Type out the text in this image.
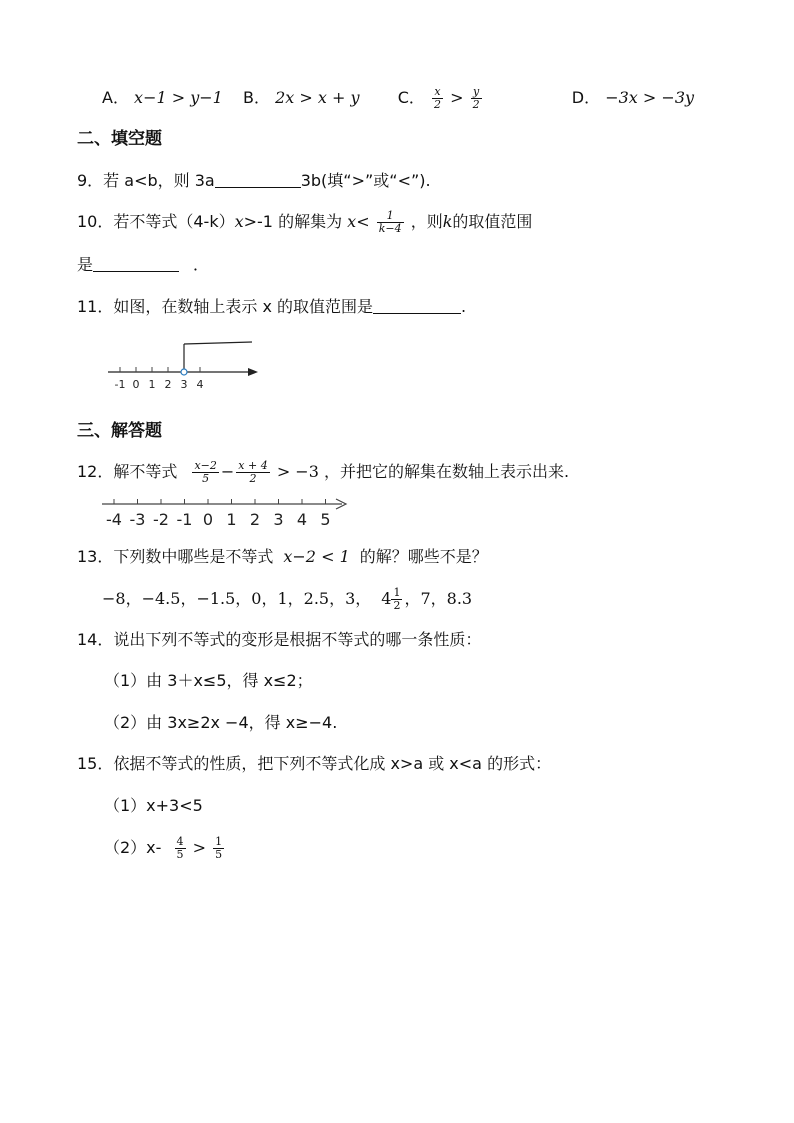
A． x−1 > y−1 B． 2x > x + y C． $\frac{x}{2} > \frac{y}{2}$	D． −3x > −3y
二、填空题
9．若 a<b，则 3a	3b(填“>”或“<”).
10．若不等式（4-k）x>-1 的解集为 $x< \frac{1}{k-4}$ ，则k的取值范围
是	．
11．如图，在数轴上表示 x 的取值范围是	.
-1 0 1 2 3 4
三、解答题
12．解不等式 $\frac{x-2}{5} - \frac{x + 4}{2} > -3$ ，并把它的解集在数轴上表示出来.
-4 -3 -2 -1 0 1 2 3 4 5
13．下列数中哪些是不等式 x−2 < 1 的解？哪些不是？
−8，−4.5，−1.5，0，1，2.5，3， $4 \frac{1}{2}$ ，7，8.3
14．说出下列不等式的变形是根据不等式的哪一条性质：
（1）由 3＋x≤5，得 x≤2；
（2）由 3x≥2x −4，得 x≥−4.
15．依据不等式的性质，把下列不等式化成 x>a 或 x<a 的形式：
（1）x+3<5
$(2)x- \frac{4}{5} > \frac{1}{5}$
